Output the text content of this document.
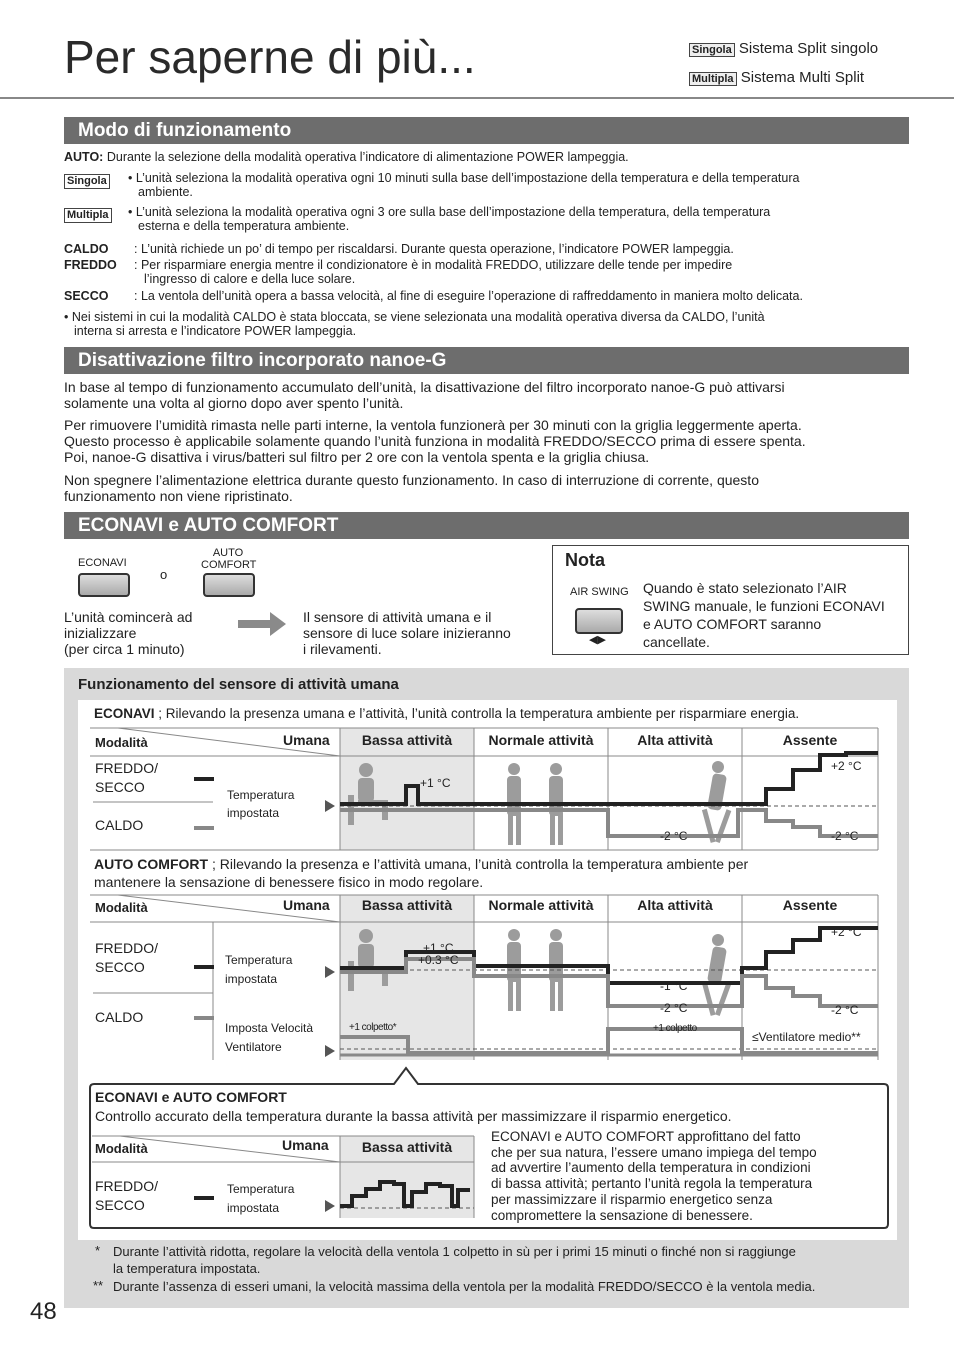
Per saperne di più...	Singola Sistema Split singolo
Multipla Sistema Multi Split
Modo di funzionamento
AUTO: Durante la selezione della modalità operativa l’indicatore di alimentazione POWER lampeggia.
Singola • L’unità seleziona la modalità operativa ogni 10 minuti sulla base dell’impostazione della temperatura e della temperatura
ambiente.
Multipla • L’unità seleziona la modalità operativa ogni 3 ore sulla base dell’impostazione della temperatura, della temperatura
esterna e della temperatura ambiente.
CALDO : L’unità richiede un po’ di tempo per riscaldarsi. Durante questa operazione, l’indicatore POWER lampeggia.
FREDDO : Per risparmiare energia mentre il condizionatore è in modalità FREDDO, utilizzare delle tende per impedire
l’ingresso di calore e della luce solare.
SECCO : La ventola dell’unità opera a bassa velocità, al fine di eseguire l’operazione di raffreddamento in maniera molto delicata.
• Nei sistemi in cui la modalità CALDO è stata bloccata, se viene selezionata una modalità operativa diversa da CALDO, l’unità
interna si arresta e l’indicatore POWER lampeggia.
Disattivazione filtro incorporato nanoe-G
In base al tempo di funzionamento accumulato dell’unità, la disattivazione del filtro incorporato nanoe-G può attivarsi
solamente una volta al giorno dopo aver spento l’unità.
Per rimuovere l’umidità rimasta nelle parti interne, la ventola funzionerà per 30 minuti con la griglia leggermente aperta.
Questo processo è applicabile solamente quando l’unità funziona in modalità FREDDO/SECCO prima di essere spenta.
Poi, nanoe-G disattiva i virus/batteri sul filtro per 2 ore con la ventola spenta e la griglia chiusa.
Non spegnere l’alimentazione elettrica durante questo funzionamento. In caso di interruzione di corrente, questo
funzionamento non viene ripristinato.
ECONAVI e AUTO COMFORT
ECONAVI
o
AUTO
COMFORT
L’unità comincerà ad
inizializzare
(per circa 1 minuto)
Il sensore di attività umana e il
sensore di luce solare inizieranno
i rilevamenti.
Nota
AIR SWING
◀▶
Quando è stato selezionato l’AIR
SWING manuale, le funzioni ECONAVI
e AUTO COMFORT saranno
cancellate.
Funzionamento del sensore di attività umana
ECONAVI ; Rilevando la presenza umana e l’attività, l’unità controlla la temperatura ambiente per risparmiare energia.
Modalità	Umana	Bassa attività	Normale attività	Alta attività	Assente
FREDDO/
SECCO
CALDO
Temperatura
impostata
+1 °C
+2 °C
-2 °C	-2 °C
AUTO COMFORT ; Rilevando la presenza e l’attività umana, l’unità controlla la temperatura ambiente per
mantenere la sensazione di benessere fisico in modo regolare.
Modalità	Umana	Bassa attività	Normale attività	Alta attività	Assente
FREDDO/
SECCO
CALDO
Temperatura
impostata
Imposta Velocità
Ventilatore
+1 °C
+0.3 °C
+2 °C
-1 °C
-2 °C	-2 °C
+1 colpetto*	+1 colpetto
≤Ventilatore medio**
ECONAVI e AUTO COMFORT
Controllo accurato della temperatura durante la bassa attività per massimizzare il risparmio energetico.
Modalità	Umana	Bassa attività
FREDDO/
SECCO
Temperatura
impostata
ECONAVI e AUTO COMFORT approfittano del fatto
che per sua natura, l’essere umano impiega del tempo
ad avvertire l’aumento della temperatura in condizioni
di bassa attività; pertanto l’unità regola la temperatura
per massimizzare il risparmio energetico senza
compromettere la sensazione di benessere.
* Durante l’attività ridotta, regolare la velocità della ventola 1 colpetto in sù per i primi 15 minuti o finché non si raggiunge
la temperatura impostata.
** Durante l’assenza di esseri umani, la velocità massima della ventola per la modalità FREDDO/SECCO è la ventola media.
48
